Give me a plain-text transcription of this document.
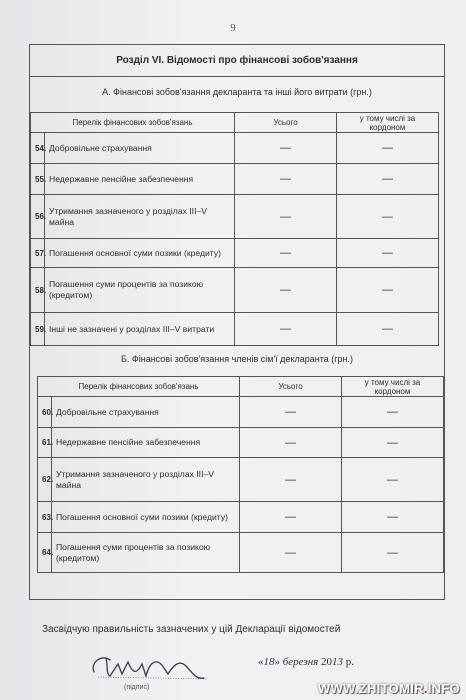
9
Розділ VI. Відомості про фінансові зобов'язання
А. Фінансові зобов'язання декларанта та інші його витрати (грн.)
Перелік фінансових зобов'язань		Усього	у тому числі за кордоном
54.	Добровільне страхування	—	—
55.	Недержавне пенсійне забезпечення	—	—
56.	Утримання зазначеного у розділах III–V майна	—	—
57.	Погашення основної суми позики (кредиту)	—	—
58.	Погашення суми процентів за позикою (кредитом)	—	—
59.	Інші не зазначені у розділах III–V витрати	—	—
Б. Фінансові зобов'язання членів сім'ї декларанта (грн.)
Перелік фінансових зобов'язань		Усього	у тому числі за кордоном
60.	Добровільне страхування	—	—
61.	Недержавне пенсійне забезпечення	—	—
62.	Утримання зазначеного у розділах III–V майна	—	—
63.	Погашення основної суми позики (кредиту)	—	—
64.	Погашення суми процентів за позикою (кредитом)	—	—
Засвідчую правильність зазначених у цій Декларації відомостей
(підпис)
«18» березня 2013 р.
WWW.ZHITOMIR.INFO
